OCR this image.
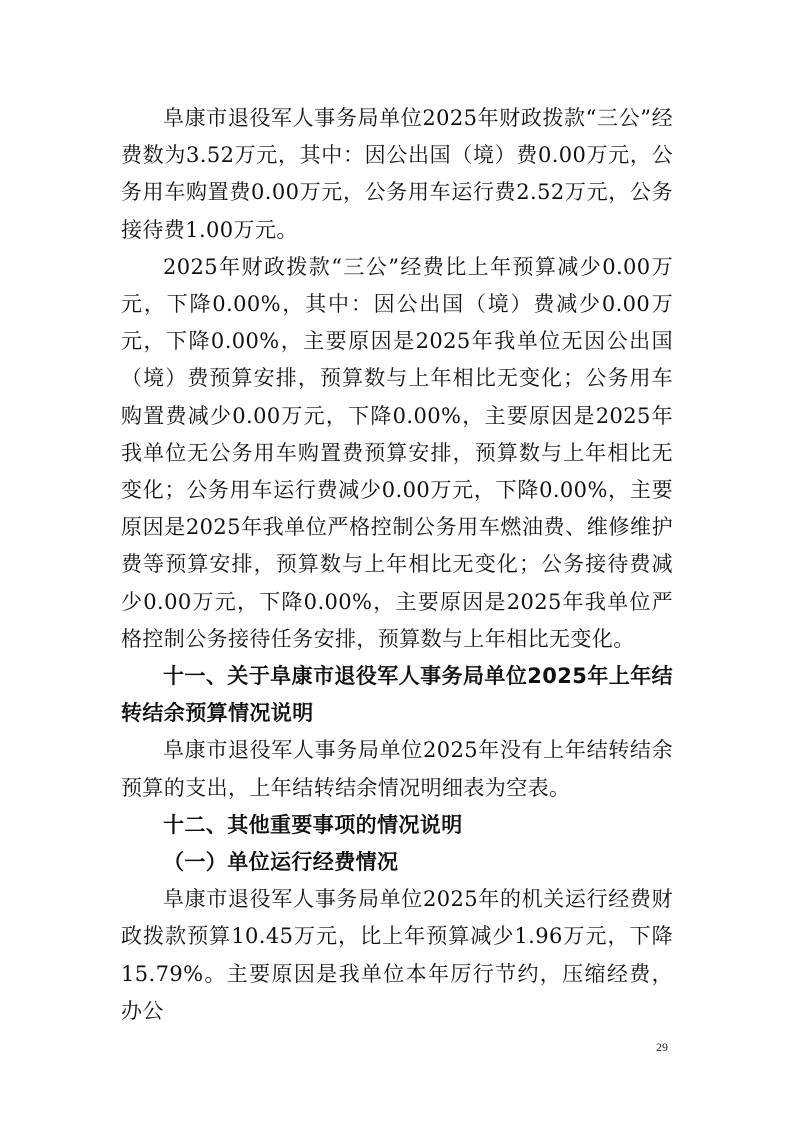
阜康市退役军人事务局单位2025年财政拨款“三公”经费数为3.52万元，其中：因公出国（境）费0.00万元，公务用车购置费0.00万元，公务用车运行费2.52万元，公务接待费1.00万元。

2025年财政拨款“三公”经费比上年预算减少0.00万元，下降0.00%，其中：因公出国（境）费减少0.00万元，下降0.00%，主要原因是2025年我单位无因公出国（境）费预算安排，预算数与上年相比无变化；公务用车购置费减少0.00万元，下降0.00%，主要原因是2025年我单位无公务用车购置费预算安排，预算数与上年相比无变化；公务用车运行费减少0.00万元，下降0.00%，主要原因是2025年我单位严格控制公务用车燃油费、维修维护费等预算安排，预算数与上年相比无变化；公务接待费减少0.00万元，下降0.00%，主要原因是2025年我单位严格控制公务接待任务安排，预算数与上年相比无变化。

十一、关于阜康市退役军人事务局单位2025年上年结转结余预算情况说明

阜康市退役军人事务局单位2025年没有上年结转结余预算的支出，上年结转结余情况明细表为空表。

十二、其他重要事项的情况说明

（一）单位运行经费情况

阜康市退役军人事务局单位2025年的机关运行经费财政拨款预算10.45万元，比上年预算减少1.96万元，下降15.79%。主要原因是我单位本年厉行节约，压缩经费，办公

29
